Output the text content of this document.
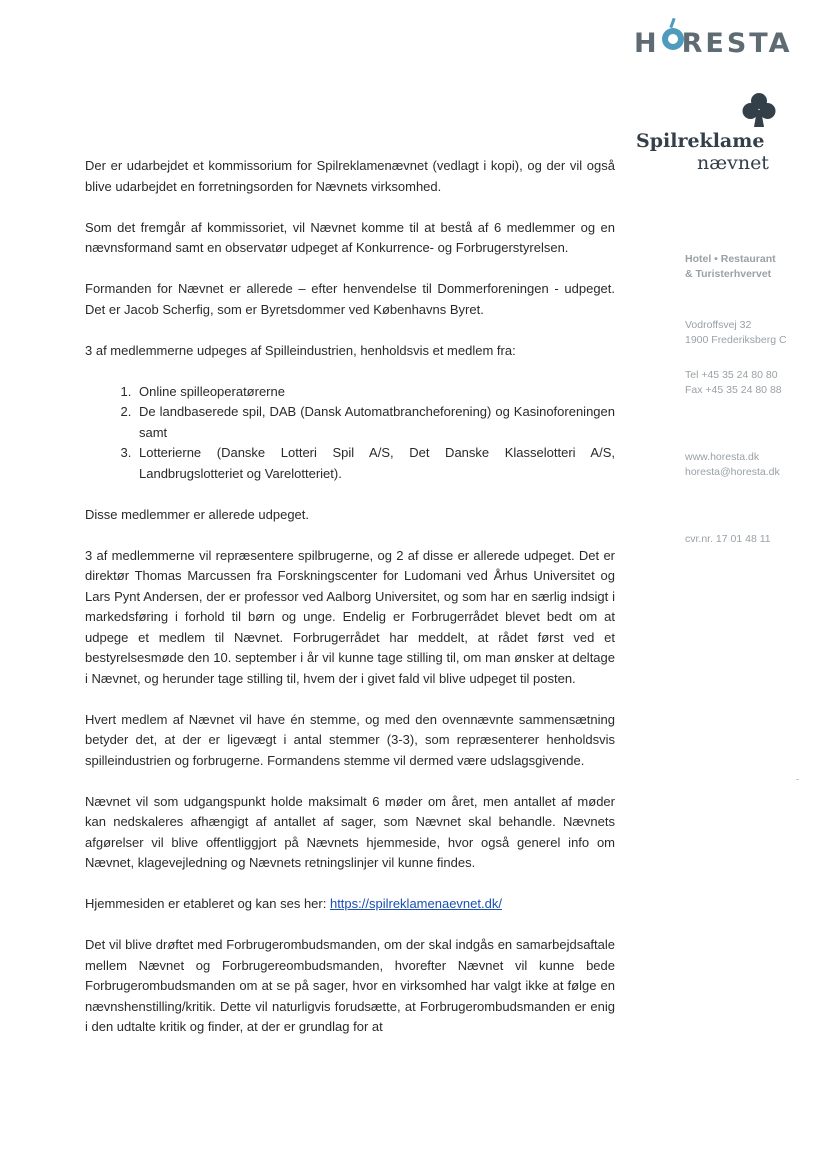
H RESTA
Spilreklame
nævnet
Hotel • Restaurant
& Turisterhvervet
Vodroffsvej 32
1900 Frederiksberg C
Tel +45 35 24 80 80
Fax +45 35 24 80 88
www.horesta.dk
horesta@horesta.dk
cvr.nr. 17 01 48 11

Der er udarbejdet et kommissorium for Spilreklamenævnet (vedlagt i kopi), og der vil også blive udarbejdet en forretningsorden for Nævnets virksomhed.

Som det fremgår af kommissoriet, vil Nævnet komme til at bestå af 6 medlemmer og en nævnsformand samt en observatør udpeget af Konkurrence- og Forbrugerstyrelsen.

Formanden for Nævnet er allerede – efter henvendelse til Dommerforeningen - udpeget. Det er Jacob Scherfig, som er Byretsdommer ved Københavns Byret.

3 af medlemmerne udpeges af Spilleindustrien, henholdsvis et medlem fra:

1. Online spilleoperatørerne
2. De landbaserede spil, DAB (Dansk Automatbrancheforening) og Kasinoforeningen samt
3. Lotterierne (Danske Lotteri Spil A/S, Det Danske Klasselotteri A/S, Landbrugslotteriet og Varelotteriet).

Disse medlemmer er allerede udpeget.

3 af medlemmerne vil repræsentere spilbrugerne, og 2 af disse er allerede udpeget. Det er direktør Thomas Marcussen fra Forskningscenter for Ludomani ved Århus Universitet og Lars Pynt Andersen, der er professor ved Aalborg Universitet, og som har en særlig indsigt i markedsføring i forhold til børn og unge. Endelig er Forbrugerrådet blevet bedt om at udpege et medlem til Nævnet. Forbrugerrådet har meddelt, at rådet først ved et bestyrelsesmøde den 10. september i år vil kunne tage stilling til, om man ønsker at deltage i Nævnet, og herunder tage stilling til, hvem der i givet fald vil blive udpeget til posten.

Hvert medlem af Nævnet vil have én stemme, og med den ovennævnte sammensætning betyder det, at der er ligevægt i antal stemmer (3-3), som repræsenterer henholdsvis spilleindustrien og forbrugerne. Formandens stemme vil dermed være udslagsgivende.

Nævnet vil som udgangspunkt holde maksimalt 6 møder om året, men antallet af møder kan nedskaleres afhængigt af antallet af sager, som Nævnet skal behandle. Nævnets afgørelser vil blive offentliggjort på Nævnets hjemmeside, hvor også generel info om Nævnet, klagevejledning og Nævnets retningslinjer vil kunne findes.

Hjemmesiden er etableret og kan ses her: https://spilreklamenaevnet.dk/

Det vil blive drøftet med Forbrugerombudsmanden, om der skal indgås en samarbejdsaftale mellem Nævnet og Forbrugereombudsmanden, hvorefter Nævnet vil kunne bede Forbrugerombudsmanden om at se på sager, hvor en virksomhed har valgt ikke at følge en nævnshenstilling/kritik. Dette vil naturligvis forudsætte, at Forbrugerombudsmanden er enig i den udtalte kritik og finder, at der er grundlag for at
